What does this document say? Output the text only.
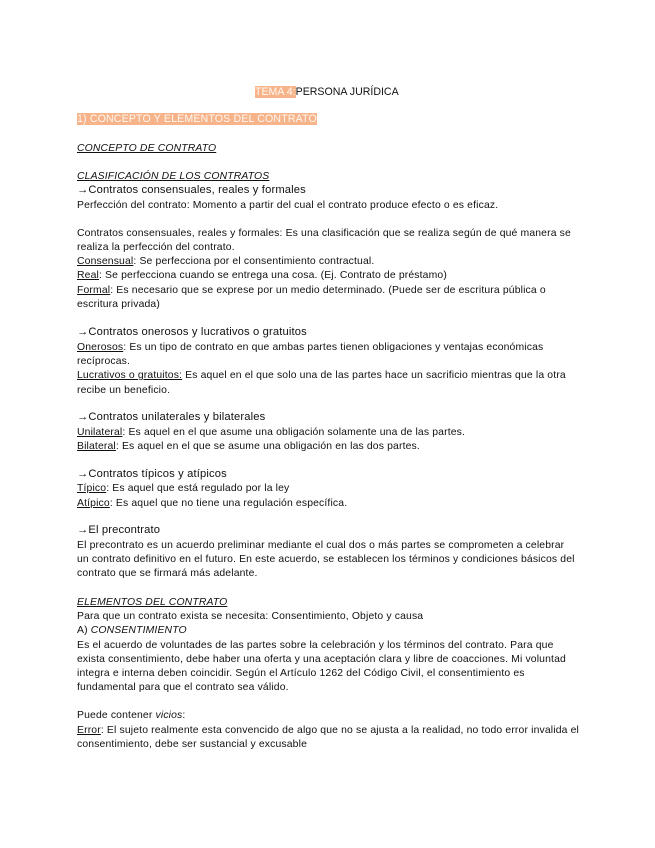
TEMA 4:PERSONA JURÍDICA
1) CONCEPTO Y ELEMENTOS DEL CONTRATO
CONCEPTO DE CONTRATO
CLASIFICACIÓN DE LOS CONTRATOS
→Contratos consensuales, reales y formales
Perfección del contrato: Momento a partir del cual el contrato produce efecto o es eficaz.
Contratos consensuales, reales y formales: Es una clasificación que se realiza según de qué manera se
realiza la perfección del contrato.
Consensual: Se perfecciona por el consentimiento contractual.
Real: Se perfecciona cuando se entrega una cosa. (Ej. Contrato de préstamo)
Formal: Es necesario que se exprese por un medio determinado. (Puede ser de escritura pública o
escritura privada)
→Contratos onerosos y lucrativos o gratuitos
Onerosos: Es un tipo de contrato en que ambas partes tienen obligaciones y ventajas económicas
recíprocas.
Lucrativos o gratuitos: Es aquel en el que solo una de las partes hace un sacrificio mientras que la otra
recibe un beneficio.
→Contratos unilaterales y bilaterales
Unilateral: Es aquel en el que asume una obligación solamente una de las partes.
Bilateral: Es aquel en el que se asume una obligación en las dos partes.
→Contratos típicos y atípicos
Típico: Es aquel que está regulado por la ley
Atípico: Es aquel que no tiene una regulación específica.
→El precontrato
El precontrato es un acuerdo preliminar mediante el cual dos o más partes se comprometen a celebrar
un contrato definitivo en el futuro. En este acuerdo, se establecen los términos y condiciones básicos del
contrato que se firmará más adelante.
ELEMENTOS DEL CONTRATO
Para que un contrato exista se necesita: Consentimiento, Objeto y causa
A) CONSENTIMIENTO
Es el acuerdo de voluntades de las partes sobre la celebración y los términos del contrato. Para que
exista consentimiento, debe haber una oferta y una aceptación clara y libre de coacciones. Mi voluntad
integra e interna deben coincidir. Según el Artículo 1262 del Código Civil, el consentimiento es
fundamental para que el contrato sea válido.
Puede contener vicios:
Error: El sujeto realmente esta convencido de algo que no se ajusta a la realidad, no todo error invalida el
consentimiento, debe ser sustancial y excusable
